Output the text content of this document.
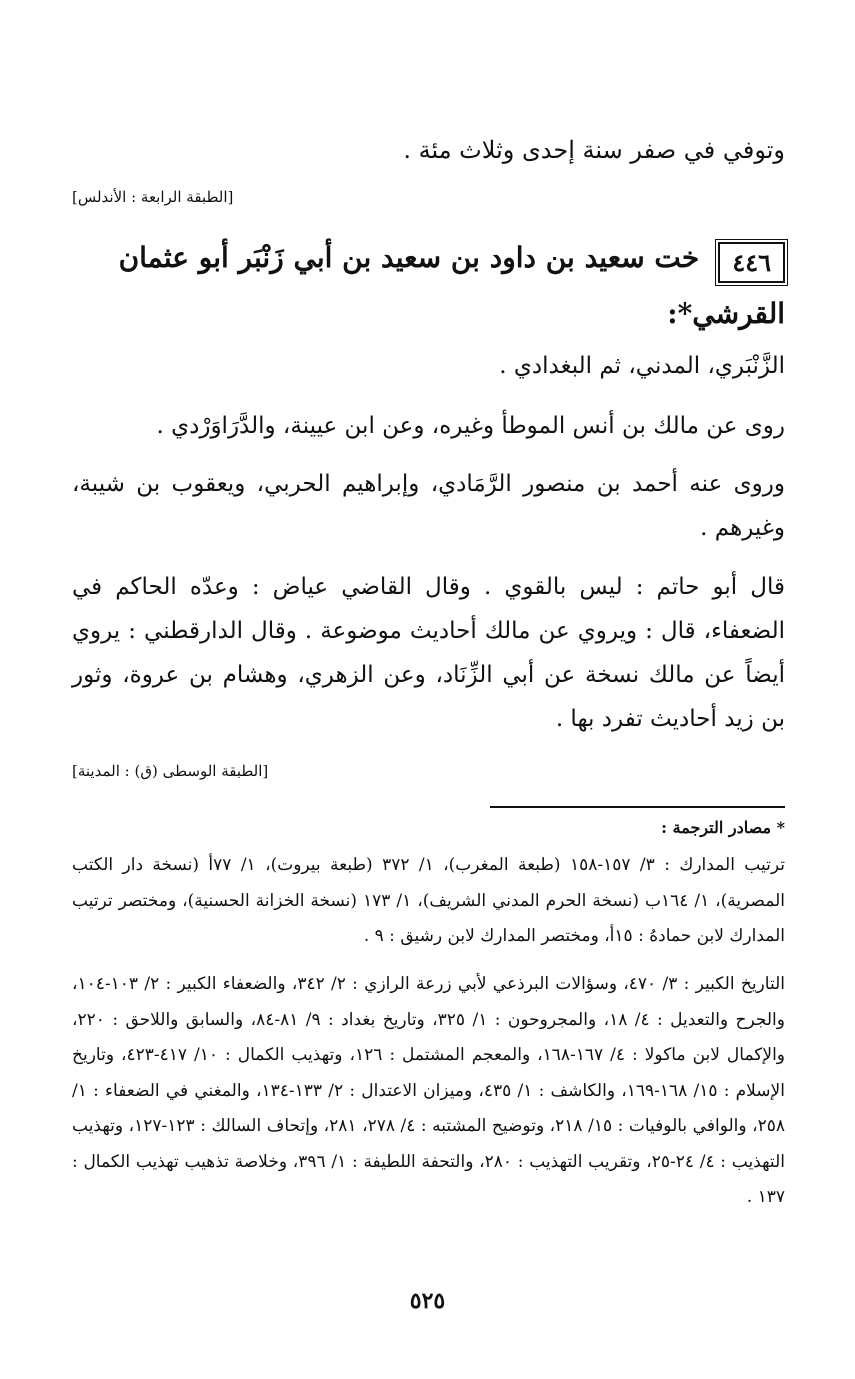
وتوفي في صفر سنة إحدى وثلاث مئة .
[الطبقة الرابعة : الأندلس]
٤٤٦ خت سعيد بن داود بن سعيد بن أبي زَنْبَر أبو عثمان القرشي*:
الزَّنْبَري، المدني، ثم البغدادي .
روى عن مالك بن أنس الموطأ وغيره، وعن ابن عيينة، والدَّرَاوَرْدي .
وروى عنه أحمد بن منصور الرَّمَادي، وإبراهيم الحربي، ويعقوب بن شيبة، وغيرهم .
قال أبو حاتم : ليس بالقوي . وقال القاضي عياض : وعدّه الحاكم في الضعفاء، قال : ويروي عن مالك أحاديث موضوعة . وقال الدارقطني : يروي أيضاً عن مالك نسخة عن أبي الزِّنَاد، وعن الزهري، وهشام بن عروة، وثور بن زيد أحاديث تفرد بها .
[الطبقة الوسطى (ق) : المدينة]
* مصادر الترجمة :
ترتيب المدارك : ٣/ ١٥٧-١٥٨ (طبعة المغرب)، ١/ ٣٧٢ (طبعة بيروت)، ١/ ٧٧أ (نسخة دار الكتب المصرية)، ١/ ١٦٤ب (نسخة الحرم المدني الشريف)، ١/ ١٧٣ (نسخة الخزانة الحسنية)، ومختصر ترتيب المدارك لابن حمادهُ : ١٥أ، ومختصر المدارك لابن رشيق : ٩ .
التاريخ الكبير : ٣/ ٤٧٠، وسؤالات البرذعي لأبي زرعة الرازي : ٢/ ٣٤٢، والضعفاء الكبير : ٢/ ١٠٣-١٠٤، والجرح والتعديل : ٤/ ١٨، والمجروحون : ١/ ٣٢٥، وتاريخ بغداد : ٩/ ٨١-٨٤، والسابق واللاحق : ٢٢٠، والإكمال لابن ماكولا : ٤/ ١٦٧-١٦٨، والمعجم المشتمل : ١٢٦، وتهذيب الكمال : ١٠/ ٤١٧-٤٢٣، وتاريخ الإسلام : ١٥/ ١٦٨-١٦٩، والكاشف : ١/ ٤٣٥، وميزان الاعتدال : ٢/ ١٣٣-١٣٤، والمغني في الضعفاء : ١/ ٢٥٨، والوافي بالوفيات : ١٥/ ٢١٨، وتوضيح المشتبه : ٤/ ٢٧٨، ٢٨١، وإتحاف السالك : ١٢٣-١٢٧، وتهذيب التهذيب : ٤/ ٢٤-٢٥، وتقريب التهذيب : ٢٨٠، والتحفة اللطيفة : ١/ ٣٩٦، وخلاصة تذهيب تهذيب الكمال : ١٣٧ .
٥٢٥
